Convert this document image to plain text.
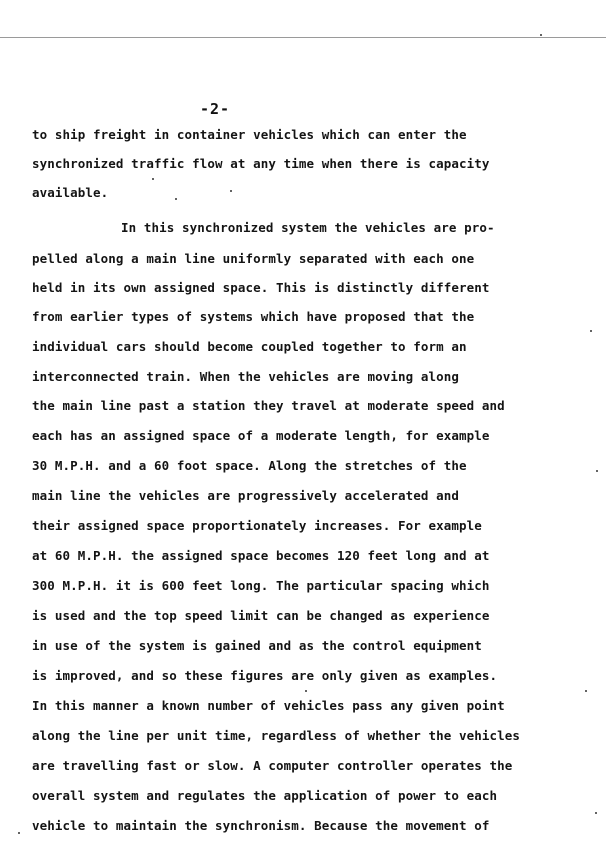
-2-
to ship freight in container vehicles which can enter the
synchronized traffic flow at any time when there is capacity
available.
In this synchronized system the vehicles are pro-
pelled along a main line uniformly separated with each one
held in its own assigned space. This is distinctly different
from earlier types of systems which have proposed that the
individual cars should become coupled together to form an
interconnected train. When the vehicles are moving along
the main line past a station they travel at moderate speed and
each has an assigned space of a moderate length, for example
30 M.P.H. and a 60 foot space. Along the stretches of the
main line the vehicles are progressively accelerated and
their assigned space proportionately increases. For example
at 60 M.P.H. the assigned space becomes 120 feet long and at
300 M.P.H. it is 600 feet long. The particular spacing which
is used and the top speed limit can be changed as experience
in use of the system is gained and as the control equipment
is improved, and so these figures are only given as examples.
In this manner a known number of vehicles pass any given point
along the line per unit time, regardless of whether the vehicles
are travelling fast or slow. A computer controller operates the
overall system and regulates the application of power to each
vehicle to maintain the synchronism. Because the movement of
